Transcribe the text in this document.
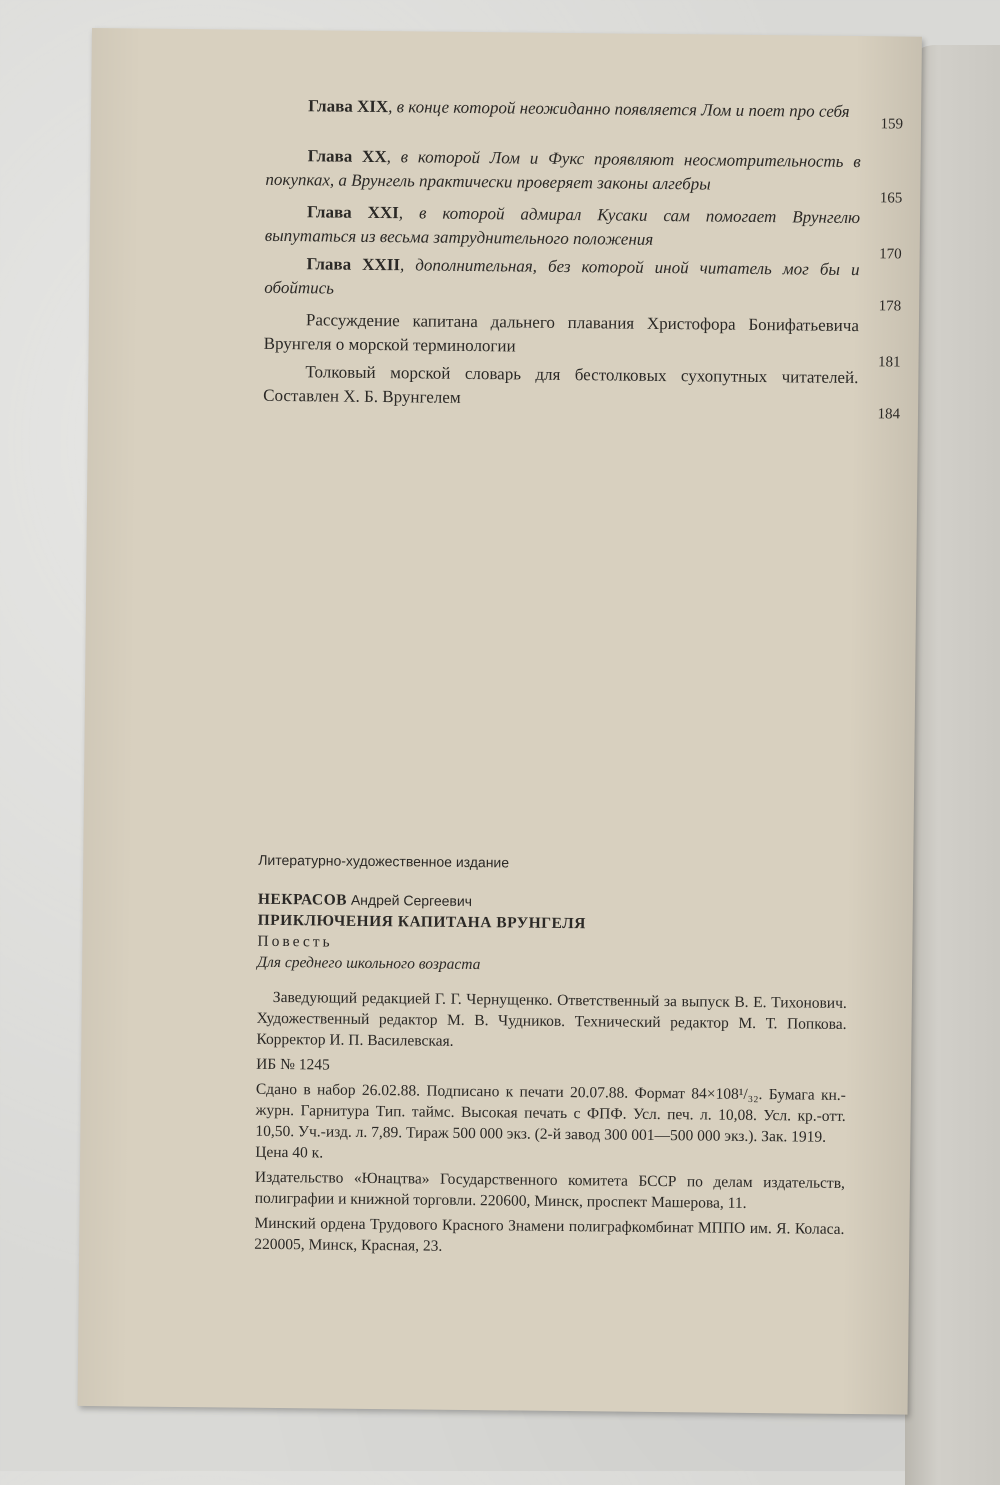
Глава XIX, в конце которой неожиданно появляется Лом и поет про себя

159

Глава XX, в которой Лом и Фукс проявляют неосмотрительность в покупках, а Врунгель практически проверяет законы алгебры

165

Глава XXI, в которой адмирал Кусаки сам помогает Врунгелю выпутаться из весьма затруднительного положения

170

Глава XXII, дополнительная, без которой иной читатель мог бы и обойтись

178

Рассуждение капитана дальнего плавания Христофора Бонифатьевича Врунгеля о морской терминологии

181

Толковый морской словарь для бестолковых сухопутных читателей. Составлен Х. Б. Врунгелем

184

Литературно-художественное издание

НЕКРАСОВ Андрей Сергеевич

ПРИКЛЮЧЕНИЯ КАПИТАНА ВРУНГЕЛЯ

Повесть

Для среднего школьного возраста

Заведующий редакцией Г. Г. Чернущенко. Ответственный за выпуск В. Е. Тихонович. Художественный редактор М. В. Чудников. Технический редактор М. Т. Попкова. Корректор И. П. Василевская.

ИБ № 1245

Сдано в набор 26.02.88. Подписано к печати 20.07.88. Формат 84×108¹/₃₂. Бумага кн.-журн. Гарнитура Тип. таймс. Высокая печать с ФПФ. Усл. печ. л. 10,08. Усл. кр.-отт. 10,50. Уч.-изд. л. 7,89. Тираж 500 000 экз. (2-й завод 300 001—500 000 экз.). Зак. 1919.

Цена 40 к.

Издательство «Юнацтва» Государственного комитета БССР по делам издательств, полиграфии и книжной торговли. 220600, Минск, проспект Машерова, 11.

Минский ордена Трудового Красного Знамени полиграфкомбинат МППО им. Я. Коласа. 220005, Минск, Красная, 23.
